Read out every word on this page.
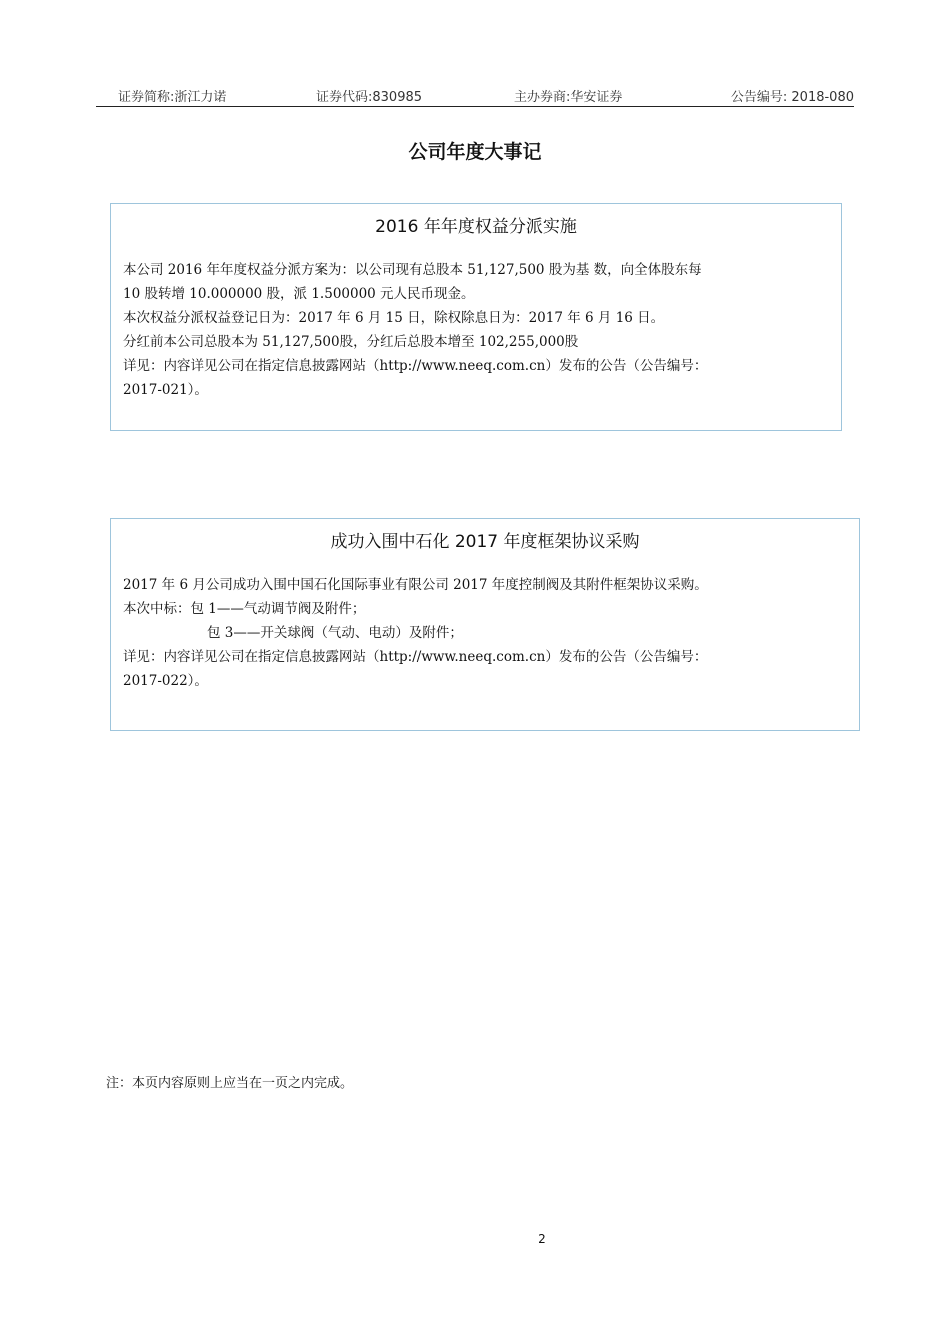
证券简称:浙江力诺	证券代码:830985	主办券商:华安证券	公告编号: 2018-080
公司年度大事记
2016 年年度权益分派实施
本公司 2016 年年度权益分派方案为：以公司现有总股本 51,127,500 股为基 数，向全体股东每
10 股转增 10.000000 股，派 1.500000 元人民币现金。
本次权益分派权益登记日为：2017 年 6 月 15 日，除权除息日为：2017 年 6 月 16 日。
分红前本公司总股本为 51,127,500股，分红后总股本增至 102,255,000股
详见：内容详见公司在指定信息披露网站（http://www.neeq.com.cn）发布的公告（公告编号：
2017-021）。
成功入围中石化 2017 年度框架协议采购
2017 年 6 月公司成功入围中国石化国际事业有限公司 2017 年度控制阀及其附件框架协议采购。
本次中标：包 1——气动调节阀及附件；
包 3——开关球阀（气动、电动）及附件；
详见：内容详见公司在指定信息披露网站（http://www.neeq.com.cn）发布的公告（公告编号：
2017-022）。
注：本页内容原则上应当在一页之内完成。
2
